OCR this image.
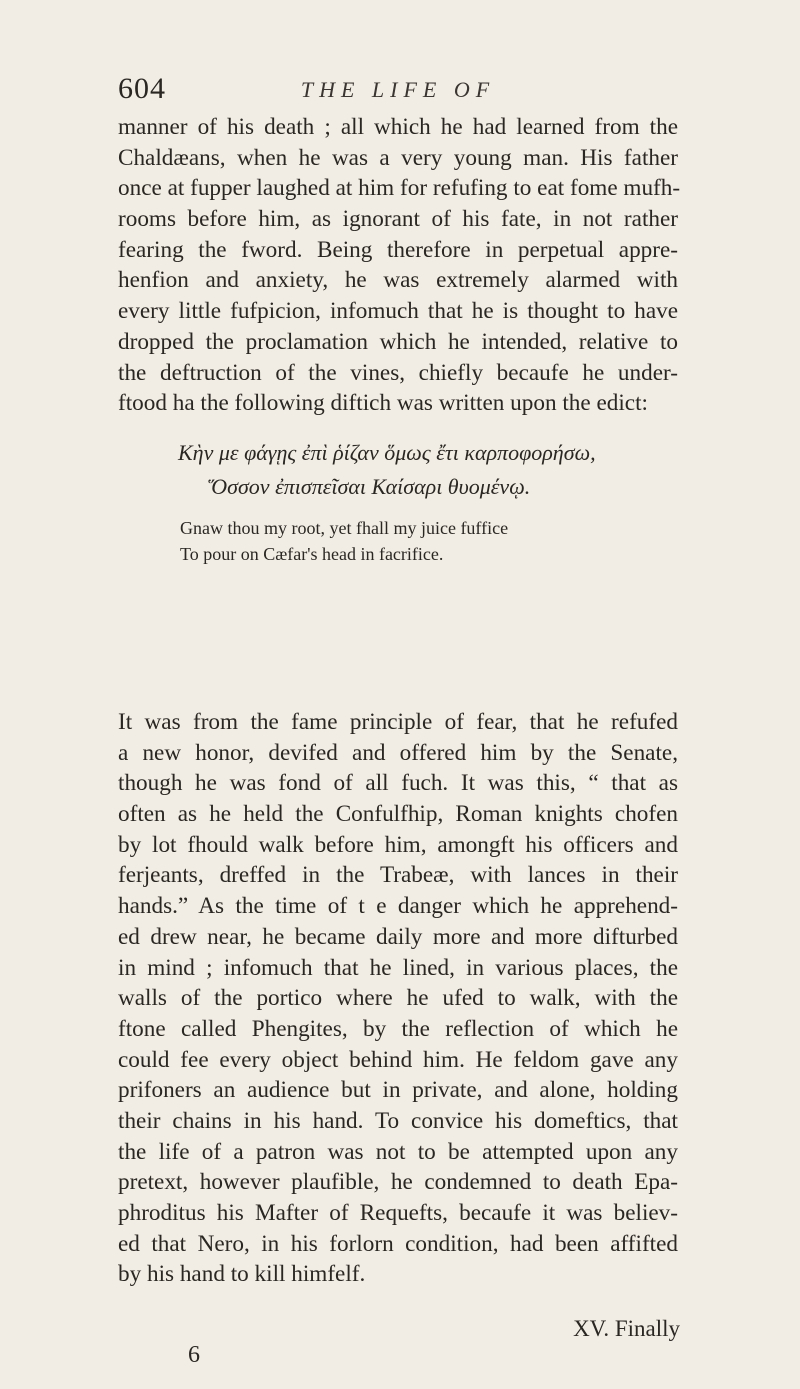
604	THE LIFE OF
manner of his death ; all which he had learned from the
Chaldæans, when he was a very young man. His father
once at fupper laughed at him for refufing to eat fome mufh-
rooms before him, as ignorant of his fate, in not rather
fearing the fword. Being therefore in perpetual appre-
henfion and anxiety, he was extremely alarmed with
every little fufpicion, infomuch that he is thought to have
dropped the proclamation which he intended, relative to
the deftruction of the vines, chiefly becaufe he under-
ftood ha the following diftich was written upon the edict:
Κὴν με φάγῃς ἐπὶ ῥίζαν ὅμως ἔτι καρποφορήσω,
Ὅσσον ἐπισπεῖσαι Καίσαρι θυομένῳ.
Gnaw thou my root, yet fhall my juice fuffice
To pour on Cæfar's head in facrifice.
It was from the fame principle of fear, that he refufed
a new honor, devifed and offered him by the Senate,
though he was fond of all fuch. It was this, “ that as
often as he held the Confulfhip, Roman knights chofen
by lot fhould walk before him, amongft his officers and
ferjeants, dreffed in the Trabeæ, with lances in their
hands.” As the time of t e danger which he apprehend-
ed drew near, he became daily more and more difturbed
in mind ; infomuch that he lined, in various places, the
walls of the portico where he ufed to walk, with the
ftone called Phengites, by the reflection of which he
could fee every object behind him. He feldom gave any
prifoners an audience but in private, and alone, holding
their chains in his hand. To convice his domeftics, that
the life of a patron was not to be attempted upon any
pretext, however plaufible, he condemned to death Epa-
phroditus his Mafter of Requefts, becaufe it was believ-
ed that Nero, in his forlorn condition, had been affifted
by his hand to kill himfelf.
XV. Finally
6
